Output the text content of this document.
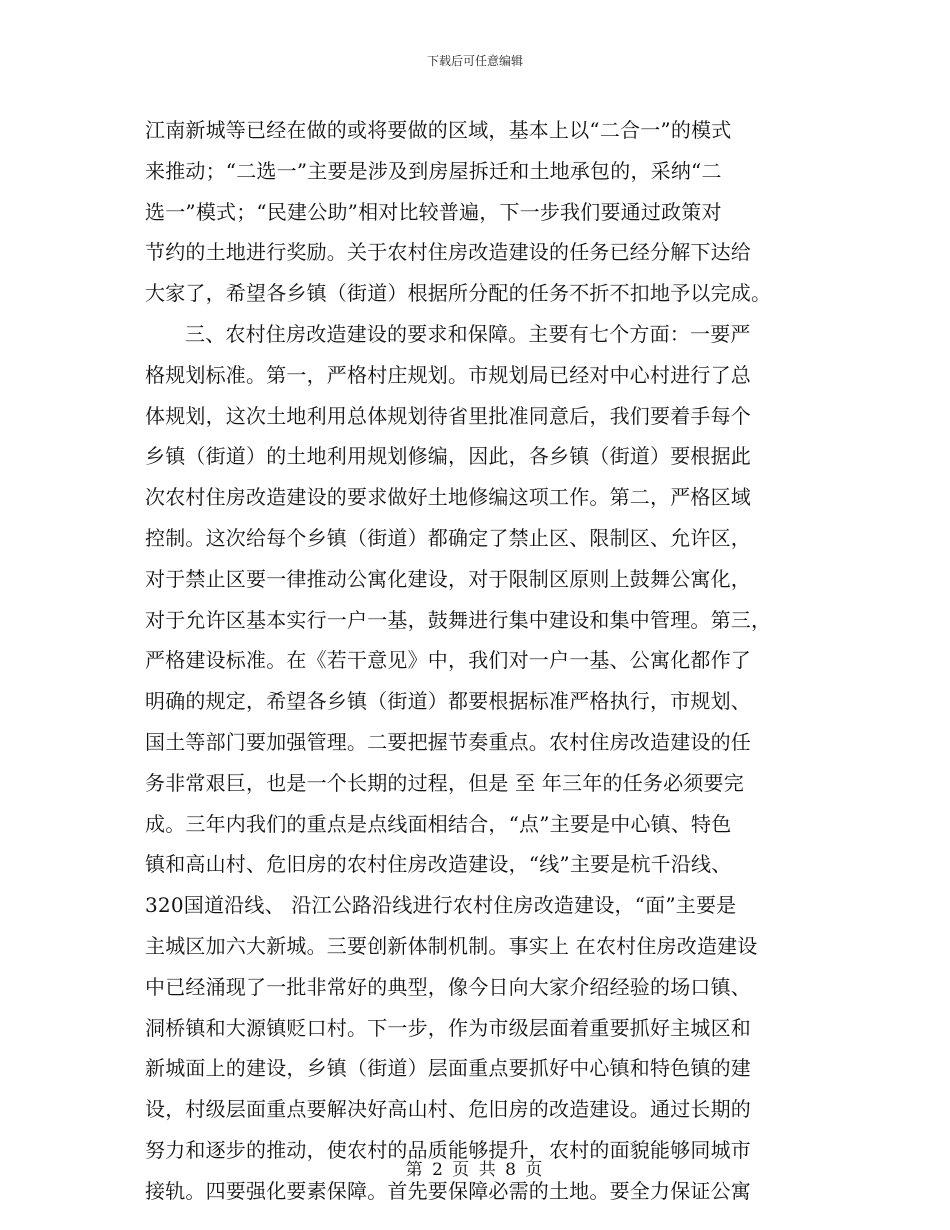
下载后可任意编辑
江南新城等已经在做的或将要做的区域，基本上以“二合一”的模式
来推动；“二选一”主要是涉及到房屋拆迁和土地承包的，采纳“二
选一”模式；“民建公助”相对比较普遍，下一步我们要通过政策对
节约的土地进行奖励。关于农村住房改造建设的任务已经分解下达给
大家了，希望各乡镇（街道）根据所分配的任务不折不扣地予以完成。
三、农村住房改造建设的要求和保障。主要有七个方面：一要严
格规划标准。第一，严格村庄规划。市规划局已经对中心村进行了总
体规划，这次土地利用总体规划待省里批准同意后，我们要着手每个
乡镇（街道）的土地利用规划修编，因此，各乡镇（街道）要根据此
次农村住房改造建设的要求做好土地修编这项工作。第二，严格区域
控制。这次给每个乡镇（街道）都确定了禁止区、限制区、允许区，
对于禁止区要一律推动公寓化建设，对于限制区原则上鼓舞公寓化，
对于允许区基本实行一户一基，鼓舞进行集中建设和集中管理。第三，
严格建设标准。在《若干意见》中，我们对一户一基、公寓化都作了
明确的规定，希望各乡镇（街道）都要根据标准严格执行，市规划、
国土等部门要加强管理。二要把握节奏重点。农村住房改造建设的任
务非常艰巨，也是一个长期的过程，但是 至 年三年的任务必须要完
成。三年内我们的重点是点线面相结合，“点”主要是中心镇、特色
镇和高山村、危旧房的农村住房改造建设，“线”主要是杭千沿线、
320国道沿线、 沿江公路沿线进行农村住房改造建设，“面”主要是
主城区加六大新城。三要创新体制机制。事实上 在农村住房改造建设
中已经涌现了一批非常好的典型，像今日向大家介绍经验的场口镇、
洞桥镇和大源镇贬口村。下一步，作为市级层面着重要抓好主城区和
新城面上的建设，乡镇（街道）层面重点要抓好中心镇和特色镇的建
设，村级层面重点要解决好高山村、危旧房的改造建设。通过长期的
努力和逐步的推动，使农村的品质能够提升，农村的面貌能够同城市
接轨。四要强化要素保障。首先要保障必需的土地。要全力保证公寓
第 2 页 共 8 页
